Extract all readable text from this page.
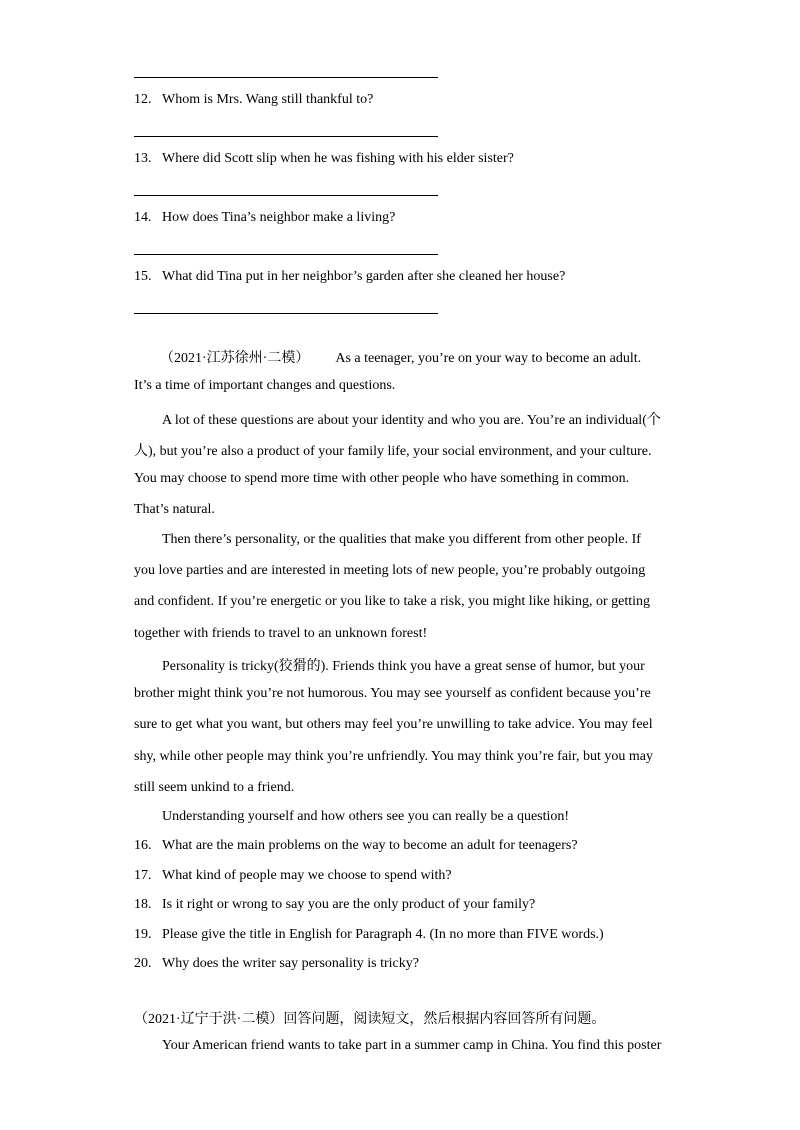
12. Whom is Mrs. Wang still thankful to?
13. Where did Scott slip when he was fishing with his elder sister?
14. How does Tina’s neighbor make a living?
15. What did Tina put in her neighbor’s garden after she cleaned her house?
（2021·江苏徐州·二模） As a teenager, you’re on your way to become an adult.
It’s a time of important changes and questions.
A lot of these questions are about your identity and who you are. You’re an individual(个
人), but you’re also a product of your family life, your social environment, and your culture.
You may choose to spend more time with other people who have something in common.
That’s natural.
Then there’s personality, or the qualities that make you different from other people. If
you love parties and are interested in meeting lots of new people, you’re probably outgoing
and confident. If you’re energetic or you like to take a risk, you might like hiking, or getting
together with friends to travel to an unknown forest!
Personality is tricky(狡猾的). Friends think you have a great sense of humor, but your
brother might think you’re not humorous. You may see yourself as confident because you’re
sure to get what you want, but others may feel you’re unwilling to take advice. You may feel
shy, while other people may think you’re unfriendly. You may think you’re fair, but you may
still seem unkind to a friend.
Understanding yourself and how others see you can really be a question!
16. What are the main problems on the way to become an adult for teenagers?
17. What kind of people may we choose to spend with?
18. Is it right or wrong to say you are the only product of your family?
19. Please give the title in English for Paragraph 4. (In no more than FIVE words.)
20. Why does the writer say personality is tricky?
（2021·辽宁于洪·二模）回答问题，阅读短文，然后根据内容回答所有问题。
Your American friend wants to take part in a summer camp in China. You find this poster
